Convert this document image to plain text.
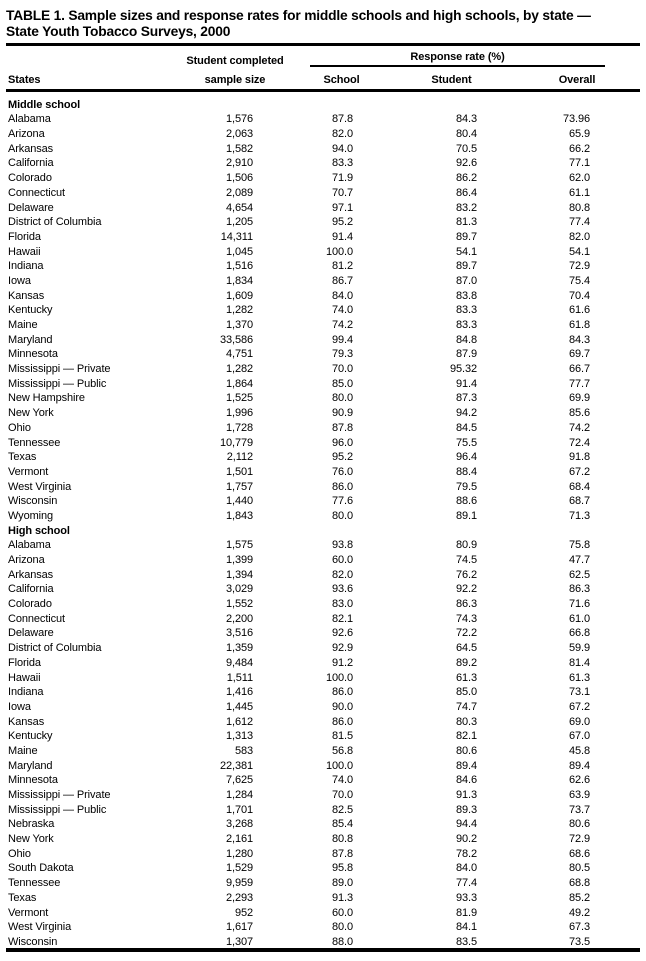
TABLE 1. Sample sizes and response rates for middle schools and high schools, by state —
State Youth Tobacco Surveys, 2000
	Student completed	Response rate (%)		

States	sample size	School	Student	Overall
Middle school				
Alabama	1,576	87.8	84.3	73.96
Arizona	2,063	82.0	80.4	65.9
Arkansas	1,582	94.0	70.5	66.2
California	2,910	83.3	92.6	77.1
Colorado	1,506	71.9	86.2	62.0
Connecticut	2,089	70.7	86.4	61.1
Delaware	4,654	97.1	83.2	80.8
District of Columbia	1,205	95.2	81.3	77.4
Florida	14,311	91.4	89.7	82.0
Hawaii	1,045	100.0	54.1	54.1
Indiana	1,516	81.2	89.7	72.9
Iowa	1,834	86.7	87.0	75.4
Kansas	1,609	84.0	83.8	70.4
Kentucky	1,282	74.0	83.3	61.6
Maine	1,370	74.2	83.3	61.8
Maryland	33,586	99.4	84.8	84.3
Minnesota	4,751	79.3	87.9	69.7
Mississippi — Private	1,282	70.0	95.32	66.7
Mississippi — Public	1,864	85.0	91.4	77.7
New Hampshire	1,525	80.0	87.3	69.9
New York	1,996	90.9	94.2	85.6
Ohio	1,728	87.8	84.5	74.2
Tennessee	10,779	96.0	75.5	72.4
Texas	2,112	95.2	96.4	91.8
Vermont	1,501	76.0	88.4	67.2
West Virginia	1,757	86.0	79.5	68.4
Wisconsin	1,440	77.6	88.6	68.7
Wyoming	1,843	80.0	89.1	71.3
High school				
Alabama	1,575	93.8	80.9	75.8
Arizona	1,399	60.0	74.5	47.7
Arkansas	1,394	82.0	76.2	62.5
California	3,029	93.6	92.2	86.3
Colorado	1,552	83.0	86.3	71.6
Connecticut	2,200	82.1	74.3	61.0
Delaware	3,516	92.6	72.2	66.8
District of Columbia	1,359	92.9	64.5	59.9
Florida	9,484	91.2	89.2	81.4
Hawaii	1,511	100.0	61.3	61.3
Indiana	1,416	86.0	85.0	73.1
Iowa	1,445	90.0	74.7	67.2
Kansas	1,612	86.0	80.3	69.0
Kentucky	1,313	81.5	82.1	67.0
Maine	583	56.8	80.6	45.8
Maryland	22,381	100.0	89.4	89.4
Minnesota	7,625	74.0	84.6	62.6
Mississippi — Private	1,284	70.0	91.3	63.9
Mississippi — Public	1,701	82.5	89.3	73.7
Nebraska	3,268	85.4	94.4	80.6
New York	2,161	80.8	90.2	72.9
Ohio	1,280	87.8	78.2	68.6
South Dakota	1,529	95.8	84.0	80.5
Tennessee	9,959	89.0	77.4	68.8
Texas	2,293	91.3	93.3	85.2
Vermont	952	60.0	81.9	49.2
West Virginia	1,617	80.0	84.1	67.3
Wisconsin	1,307	88.0	83.5	73.5
